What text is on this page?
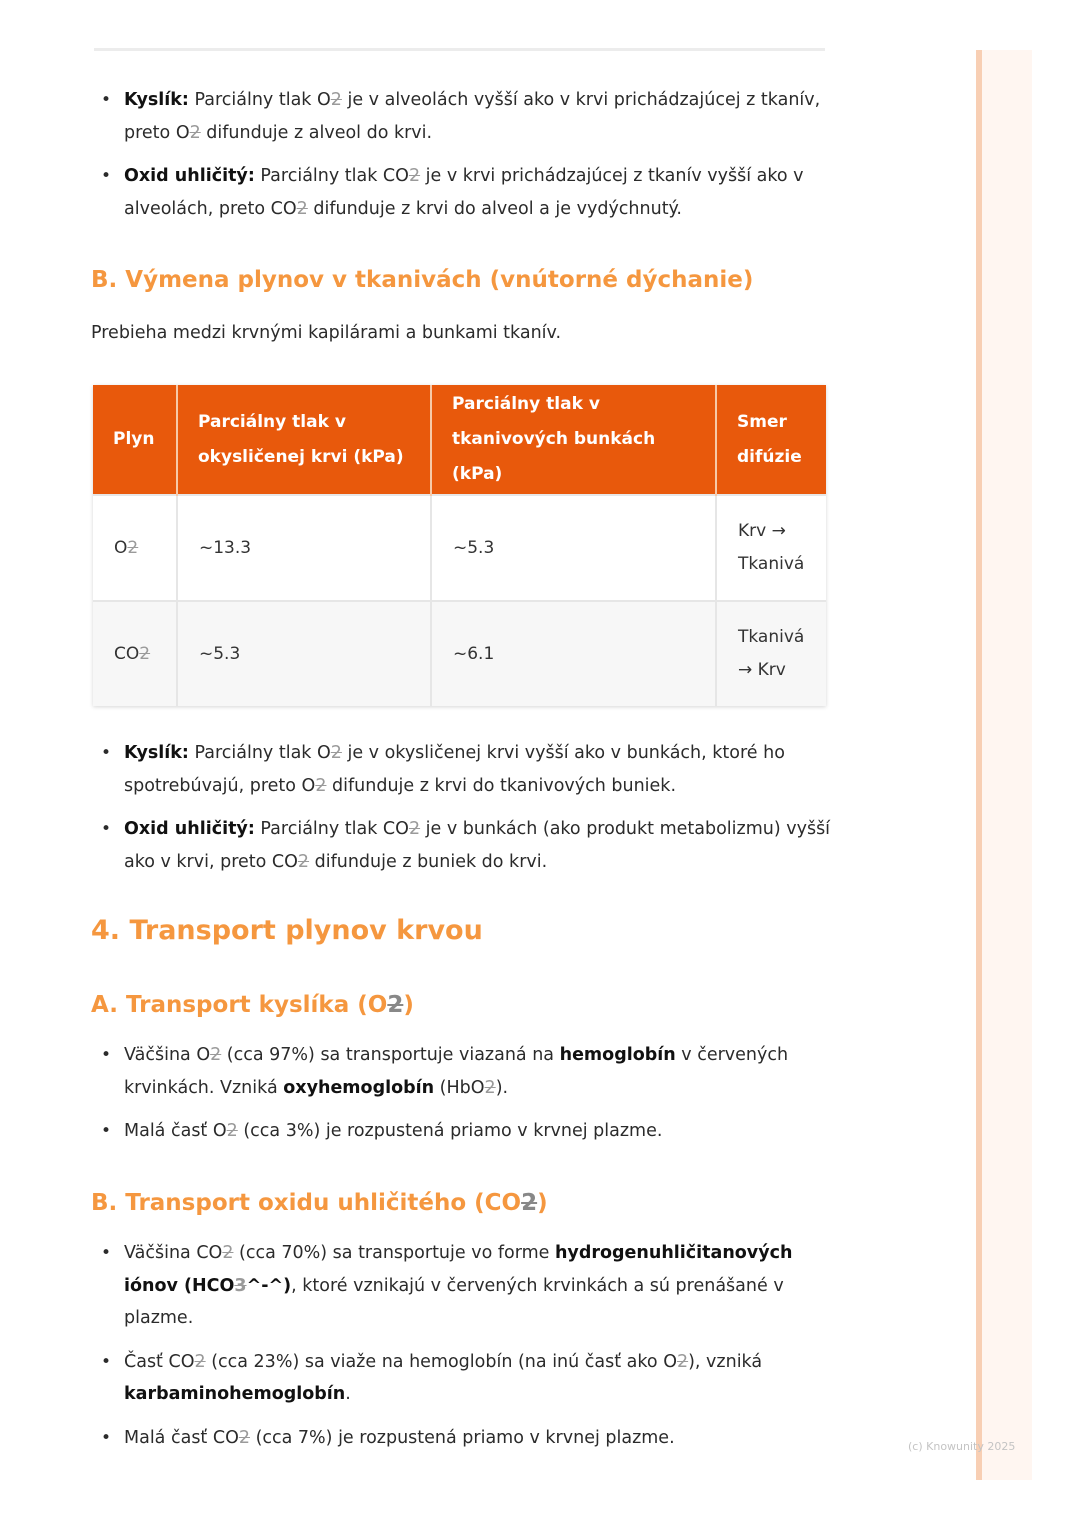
• Kyslík: Parciálny tlak O2 je v alveolách vyšší ako v krvi prichádzajúcej z tkanív, preto O2 difunduje z alveol do krvi.
• Oxid uhličitý: Parciálny tlak CO2 je v krvi prichádzajúcej z tkanív vyšší ako v alveolách, preto CO2 difunduje z krvi do alveol a je vydýchnutý.
B. Výmena plynov v tkanivách (vnútorné dýchanie)
Prebieha medzi krvnými kapilárami a bunkami tkanív.
• Kyslík: Parciálny tlak O2 je v okysličenej krvi vyšší ako v bunkách, ktoré ho spotrebúvajú, preto O2 difunduje z krvi do tkanivových buniek.
• Oxid uhličitý: Parciálny tlak CO2 je v bunkách (ako produkt metabolizmu) vyšší ako v krvi, preto CO2 difunduje z buniek do krvi.
4. Transport plynov krvou
A. Transport kyslíka (O2)
• Väčšina O2 (cca 97%) sa transportuje viazaná na hemoglobín v červených krvinkách. Vzniká oxyhemoglobín (HbO2).
• Malá časť O2 (cca 3%) je rozpustená priamo v krvnej plazme.
B. Transport oxidu uhličitého (CO2)
• Väčšina CO2 (cca 70%) sa transportuje vo forme hydrogenuhličitanových iónov (HCO3^-^), ktoré vznikajú v červených krvinkách a sú prenášané v plazme.
• Časť CO2 (cca 23%) sa viaže na hemoglobín (na inú časť ako O2), vzniká karbaminohemoglobín.
• Malá časť CO2 (cca 7%) je rozpustená priamo v krvnej plazme.
Plyn	Parciálny tlak v okysličenej krvi (kPa)	Parciálny tlak v tkanivových bunkách (kPa)	Smer difúzie
O2	~13.3	~5.3	Krv → Tkanivá
CO2	~5.3	~6.1	Tkanivá → Krv
(c) Knowunity 2025
